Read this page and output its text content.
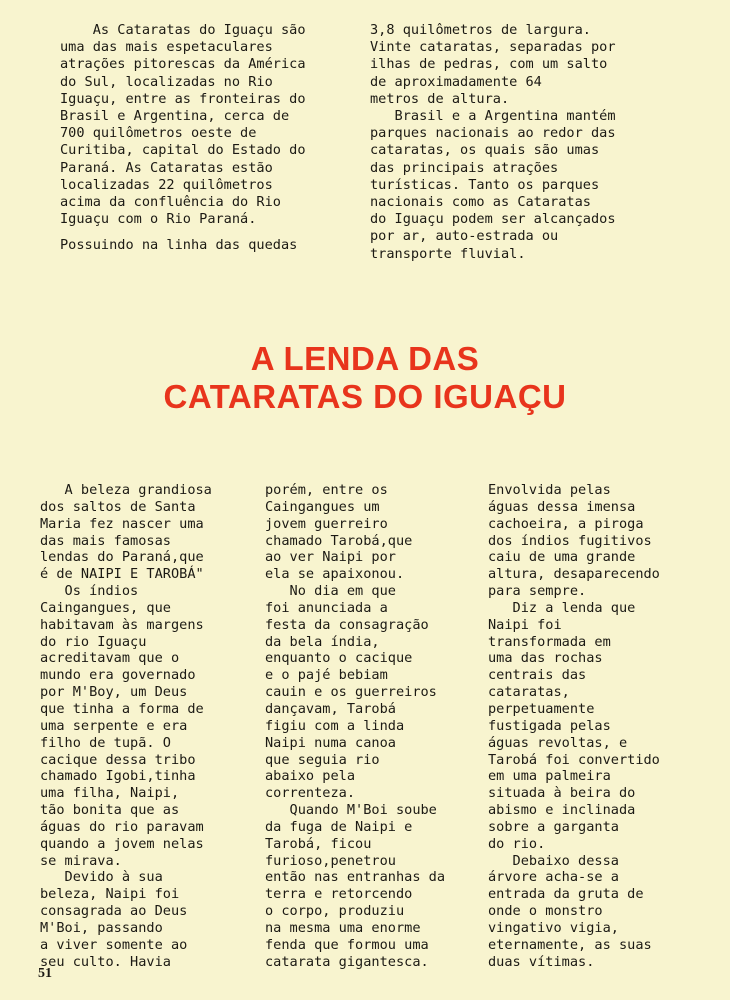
As Cataratas do Iguaçu são

uma das mais espetaculares

atrações pitorescas da América

do Sul, localizadas no Rio

Iguaçu, entre as fronteiras do

Brasil e Argentina, cerca de

700 quilômetros oeste de

Curitiba, capital do Estado do

Paraná. As Cataratas estão

localizadas 22 quilômetros

acima da confluência do Rio

Iguaçu com o Rio Paraná.

Possuindo na linha das quedas

3,8 quilômetros de largura.

Vinte cataratas, separadas por

ilhas de pedras, com um salto

de aproximadamente 64

metros de altura.

Brasil e a Argentina mantém

parques nacionais ao redor das

cataratas, os quais são umas

das principais atrações

turísticas. Tanto os parques

nacionais como as Cataratas

do Iguaçu podem ser alcançados

por ar, auto-estrada ou

transporte fluvial.

A LENDA DAS
CATARATAS DO IGUAÇU

A beleza grandiosa

dos saltos de Santa

Maria fez nascer uma

das mais famosas

lendas do Paraná,que

é de NAIPI E TAROBÁ"

Os índios

Caingangues, que

habitavam às margens

do rio Iguaçu

acreditavam que o

mundo era governado

por M'Boy, um Deus

que tinha a forma de

uma serpente e era

filho de tupã. O

cacique dessa tribo

chamado Igobi,tinha

uma filha, Naipi,

tão bonita que as

águas do rio paravam

quando a jovem nelas

se mirava.

Devido à sua

beleza, Naipi foi

consagrada ao Deus

M'Boi, passando

a viver somente ao

seu culto. Havia

porém, entre os

Caingangues um

jovem guerreiro

chamado Tarobá,que

ao ver Naipi por

ela se apaixonou.

No dia em que

foi anunciada a

festa da consagração

da bela índia,

enquanto o cacique

e o pajé bebiam

cauin e os guerreiros

dançavam, Tarobá

figiu com a linda

Naipi numa canoa

que seguia rio

abaixo pela

correnteza.

Quando M'Boi soube

da fuga de Naipi e

Tarobá, ficou

furioso,penetrou

então nas entranhas da

terra e retorcendo

o corpo, produziu

na mesma uma enorme

fenda que formou uma

catarata gigantesca.

Envolvida pelas

águas dessa imensa

cachoeira, a piroga

dos índios fugitivos

caiu de uma grande

altura, desaparecendo

para sempre.

Diz a lenda que

Naipi foi

transformada em

uma das rochas

centrais das

cataratas,

perpetuamente

fustigada pelas

águas revoltas, e

Tarobá foi convertido

em uma palmeira

situada à beira do

abismo e inclinada

sobre a garganta

do rio.

Debaixo dessa

árvore acha-se a

entrada da gruta de

onde o monstro

vingativo vigia,

eternamente, as suas

duas vítimas.

51
